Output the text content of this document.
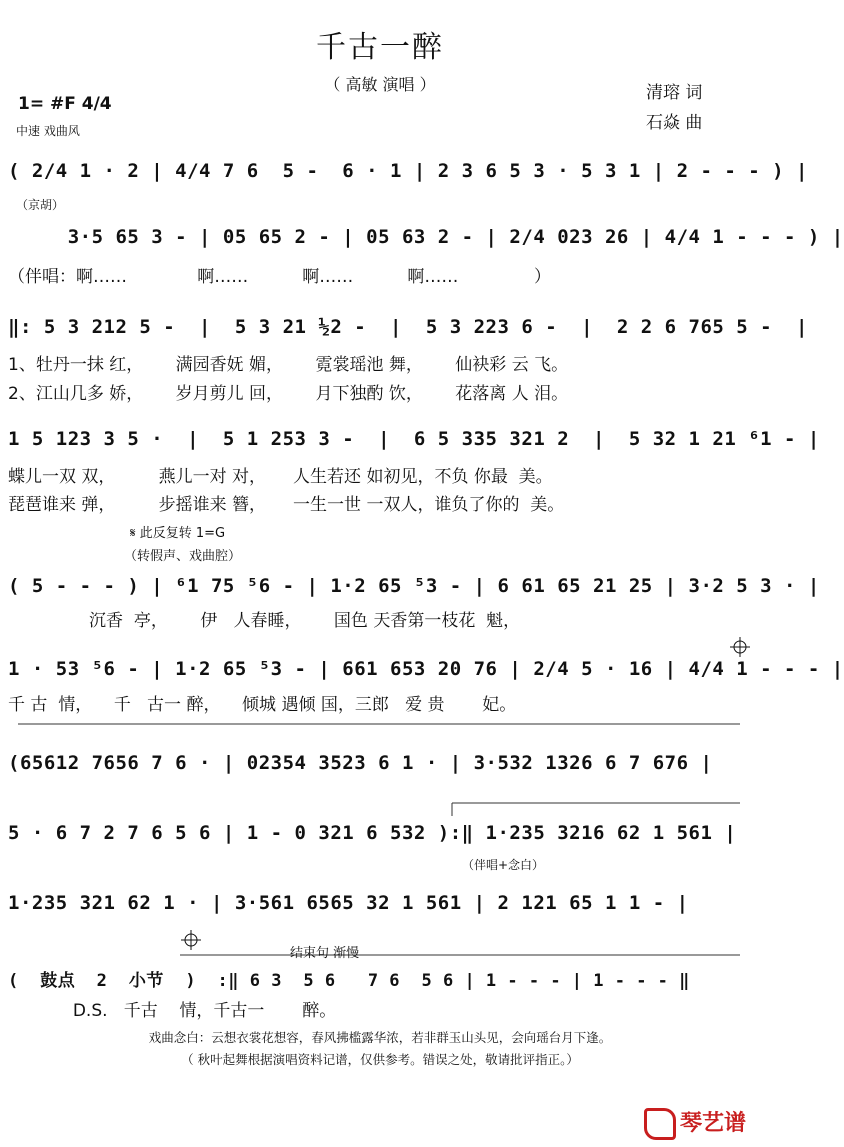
千古一醉
（ 高敏 演唱 ）
1= #F 4/4
中速 戏曲风
清瑢 词
石焱 曲
( 2/4 1 · 2 | 4/4 7 6  5 -  6 · 1 | 2 3 6 5 3 · 5 3 1 | 2 - - - ) |
（京胡）
3·5 65 3 - | 05 65 2 - | 05 63 2 - | 2/4 023 26 | 4/4 1 - - - ) |
（伴唱：啊……             啊……          啊……          啊……              ）
‖: 5 3 212 5 -  |  5 3 21 ½2 -  |  5 3 223 6 -  |  2 2 6 765 5 -  |
1、牡丹一抹 红，      满园香妩 媚，      霓裳瑶池 舞，      仙袂彩 云 飞。
2、江山几多 娇，      岁月剪儿 回，      月下独酌 饮，      花落离 人 泪。
1 5 123 3 5 ·  |  5 1 253 3 -  |  6 5 335 321 2  |  5 32 1 21 ⁶1 - |
蝶儿一双 双，        燕儿一对 对，     人生若还 如初见，不负 你最  美。
琵琶谁来 弹，        步摇谁来 簪，     一生一世 一双人，谁负了你的  美。
𝄋 此反复转 1=G
（转假声、戏曲腔）
( 5 - - - ) | ⁶1 75 ⁵6 - | 1·2 65 ⁵3 - | 6 61 65 21 25 | 3·2 5 3 · |
沉香  亭，      伊   人春睡，      国色 天香第一枝花  魁，
1 · 53 ⁵6 - | 1·2 65 ⁵3 - | 661 653 20 76 | 2/4 5 · 16 | 4/4 1 - - - |
千 古  情，    千   古一 醉，    倾城 遇倾 国，三郎   爱 贵       妃。
(65612 7656 7 6 · | 02354 3523 6 1 · | 3·532 1326 6 7 676 |
5 · 6 7 2 7 6 5 6 | 1 - 0 321 6 532 ):‖ 1·235 3216 62 1 561 |
（伴唱+念白）
1·235 321 62 1 · | 3·561 6565 32 1 561 | 2 121 65 1 1 - |
结束句 渐慢
(  鼓点  2  小节  )  :‖ 6 3  5 6   7 6  5 6 | 1 - - - | 1 - - - ‖
D.S.   千古    情，千古一       醉。
戏曲念白：云想衣裳花想容，春风拂槛露华浓，若非群玉山头见，会向瑶台月下逢。
（ 秋叶起舞根据演唱资料记谱，仅供参考。错误之处，敬请批评指正。）
琴艺谱
